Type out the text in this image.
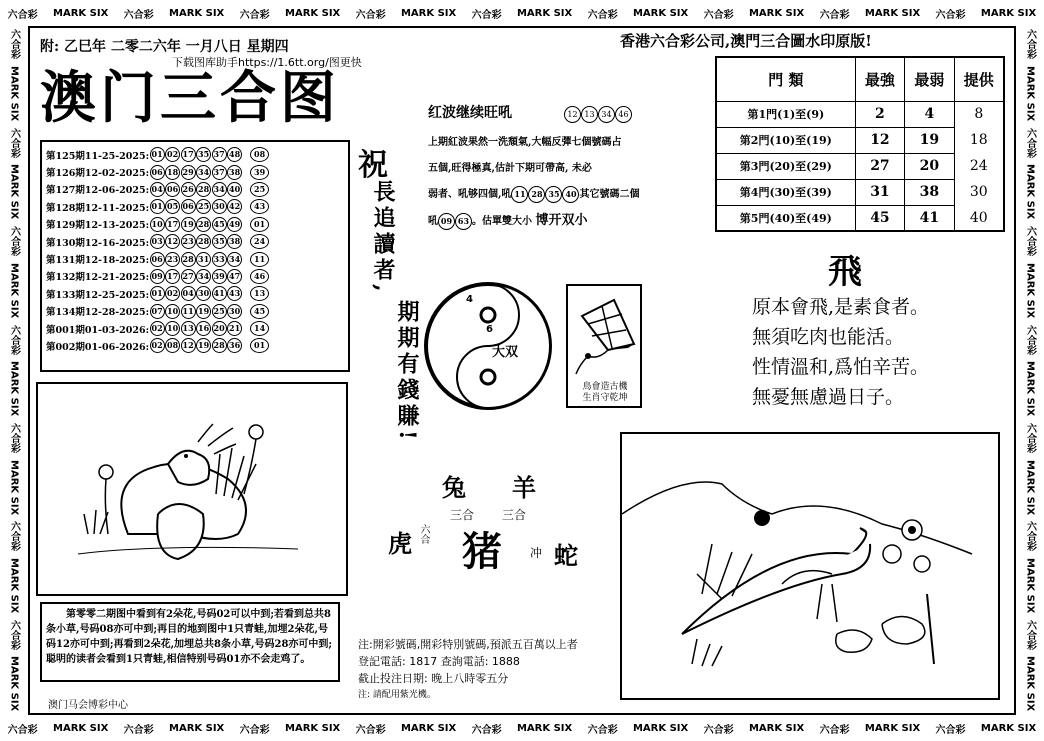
六合彩 MARK SIX 六合彩 MARK SIX 六合彩 MARK SIX 六合彩 MARK SIX 六合彩 MARK SIX 六合彩 MARK SIX 六合彩 MARK SIX 六合彩 MARK SIX 六合彩 MARK SIX
六合彩 MARK SIX 六合彩 MARK SIX 六合彩 MARK SIX 六合彩 MARK SIX 六合彩 MARK SIX 六合彩 MARK SIX 六合彩 MARK SIX 六合彩 MARK SIX 六合彩 MARK SIX
六合彩
MARK SIX
六合彩
MARK SIX
六合彩
MARK SIX
六合彩
MARK SIX
六合彩
MARK SIX
六合彩
MARK SIX
六合彩
MARK SIX
六合彩
MARK SIX
六合彩
MARK SIX
六合彩
MARK SIX
六合彩
MARK SIX
六合彩
MARK SIX
六合彩
MARK SIX
六合彩
MARK SIX
附: 乙巳年 二零二六年 一月八日 星期四
下载图库助手https://1.6tt.org/图更快
澳门三合图
香港六合彩公司,澳門三合圖水印原版!
第125期11-25-2025: 01 02 17 35 37 48	08
第126期12-02-2025: 06 18 29 34 37 38	39
第127期12-06-2025: 04 06 26 28 34 40	25
第128期12-11-2025: 01 05 06 25 30 42	43
第129期12-13-2025: 10 17 19 28 45 49	01
第130期12-16-2025: 03 12 23 28 35 38	24
第131期12-18-2025: 06 23 28 31 33 34	11
第132期12-21-2025: 09 17 27 34 39 47	46
第133期12-25-2025: 01 02 04 30 41 43	13
第134期12-28-2025: 07 10 11 19 25 30	45
第001期01-03-2026: 02 10 13 16 20 21	14
第002期01-06-2026: 02 08 12 19 28 36	01
祝
長追讀者,
期期有錢賺!
红波继续旺吼	12 13 34 46
上期紅波果然一洗頹氣,大幅反彈七個號碼占
五個,旺得極真,估計下期可帶高, 未必
弱者、吼够四個,吼 11 28 35 40 其它號碼二個
吼 09 63 。估單雙大小 博开双小
4
6
大双
鳥會造古機
生肖守乾坤
門 類	最強	最弱	提供
第1門(1)至(9)	2	4	8
第2門(10)至(19)	12	19	18
第3門(20)至(29)	27	20	24
第4門(30)至(39)	31	38	30
第5門(40)至(49)	45	41	40
飛
原本會飛,是素食者。
無須吃肉也能活。
性情溫和,爲怕辛苦。
無憂無慮過日子。
兔 羊
三合 三合
虎 六合 猪 冲 蛇
第零零二期图中看到有2朵花,号码02可以中到;若看到总共8条小草,号码08亦可中到;再目的地到图中1只青蛙,加埋2朵花,号码12亦可中到;再看到2朵花,加埋总共8条小草,号码28亦可中到;聪明的读者会看到1只青蛙,相信特别号码01亦不会走鸡了。
澳门马会博彩中心
注:開彩號碼,開彩特別號碼,預派五百萬以上者
登記電話: 1817 查詢電話: 1888
截止投注日期: 晚上八時零五分
注: 請配用紫光機。
